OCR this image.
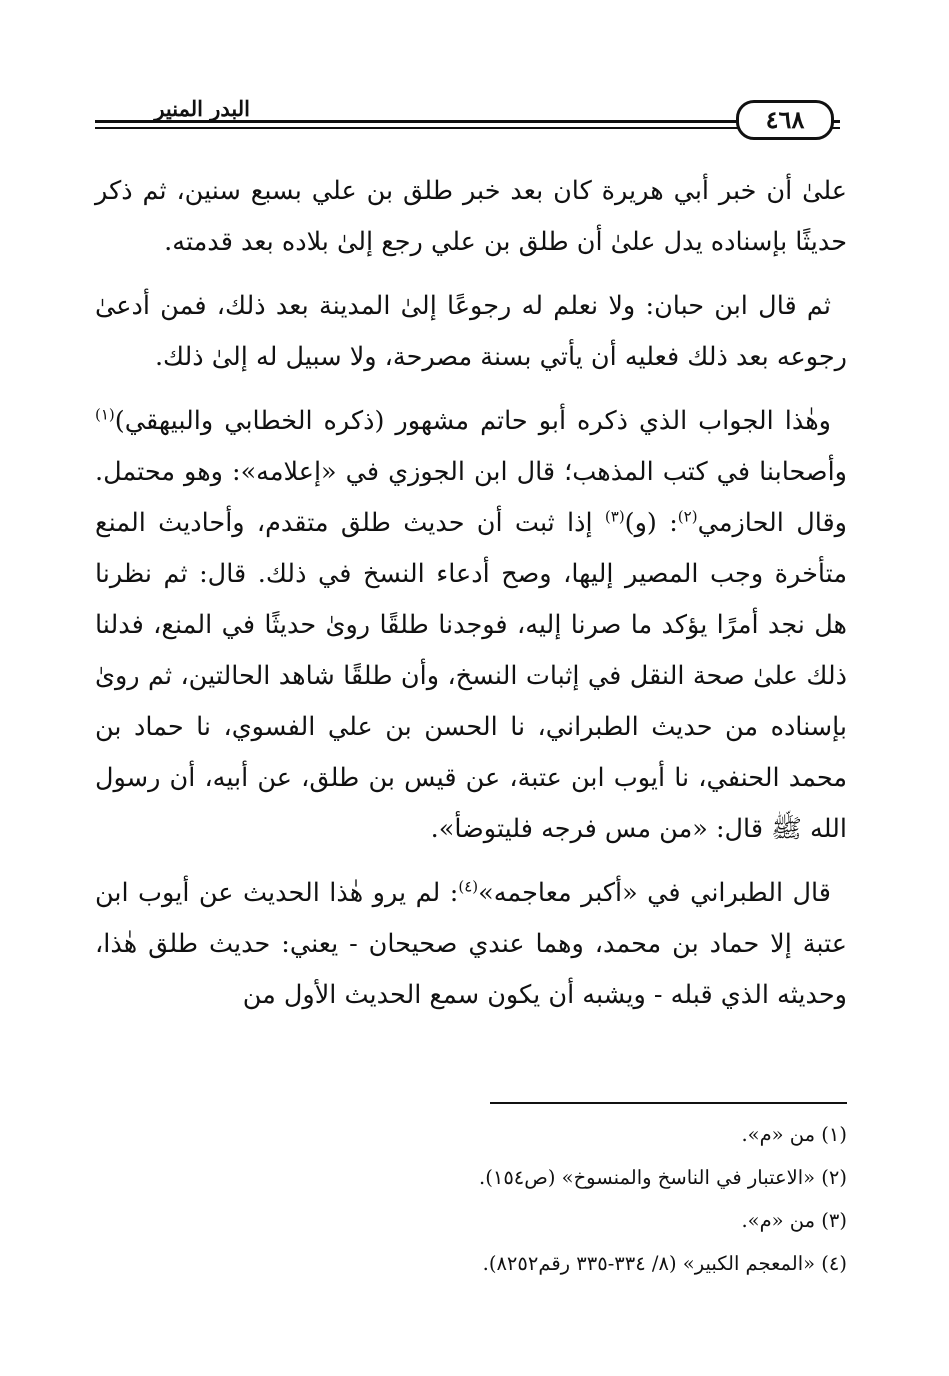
البدر المنير	٤٦٨

علىٰ أن خبر أبي هريرة كان بعد خبر طلق بن علي بسبع سنين، ثم ذكر حديثًا بإسناده يدل علىٰ أن طلق بن علي رجع إلىٰ بلاده بعد قدمته.

ثم قال ابن حبان: ولا نعلم له رجوعًا إلىٰ المدينة بعد ذلك، فمن أدعىٰ رجوعه بعد ذلك فعليه أن يأتي بسنة مصرحة، ولا سبيل له إلىٰ ذلك.

وهٰذا الجواب الذي ذكره أبو حاتم مشهور (ذكره الخطابي والبيهقي)$^{(١)}$ وأصحابنا في كتب المذهب؛ قال ابن الجوزي في «إعلامه»: وهو محتمل. وقال الحازمي$^{(٢)}$: (و)$^{(٣)}$ إذا ثبت أن حديث طلق متقدم، وأحاديث المنع متأخرة وجب المصير إليها، وصح أدعاء النسخ في ذلك. قال: ثم نظرنا هل نجد أمرًا يؤكد ما صرنا إليه، فوجدنا طلقًا روىٰ حديثًا في المنع، فدلنا ذلك علىٰ صحة النقل في إثبات النسخ، وأن طلقًا شاهد الحالتين، ثم روىٰ بإسناده من حديث الطبراني، نا الحسن بن علي الفسوي، نا حماد بن محمد الحنفي، نا أيوب ابن عتبة، عن قيس بن طلق، عن أبيه، أن رسول الله ﷺ قال: «من مس فرجه فليتوضأ».

قال الطبراني في «أكبر معاجمه»$^{(٤)}$: لم يرو هٰذا الحديث عن أيوب ابن عتبة إلا حماد بن محمد، وهما عندي صحيحان - يعني: حديث طلق هٰذا، وحديثه الذي قبله - ويشبه أن يكون سمع الحديث الأول من

(١) من «م».

(٢) «الاعتبار في الناسخ والمنسوخ» (ص١٥٤).

(٣) من «م».

(٤) «المعجم الكبير» (٨/ ٣٣٤-٣٣٥ رقم٨٢٥٢).
